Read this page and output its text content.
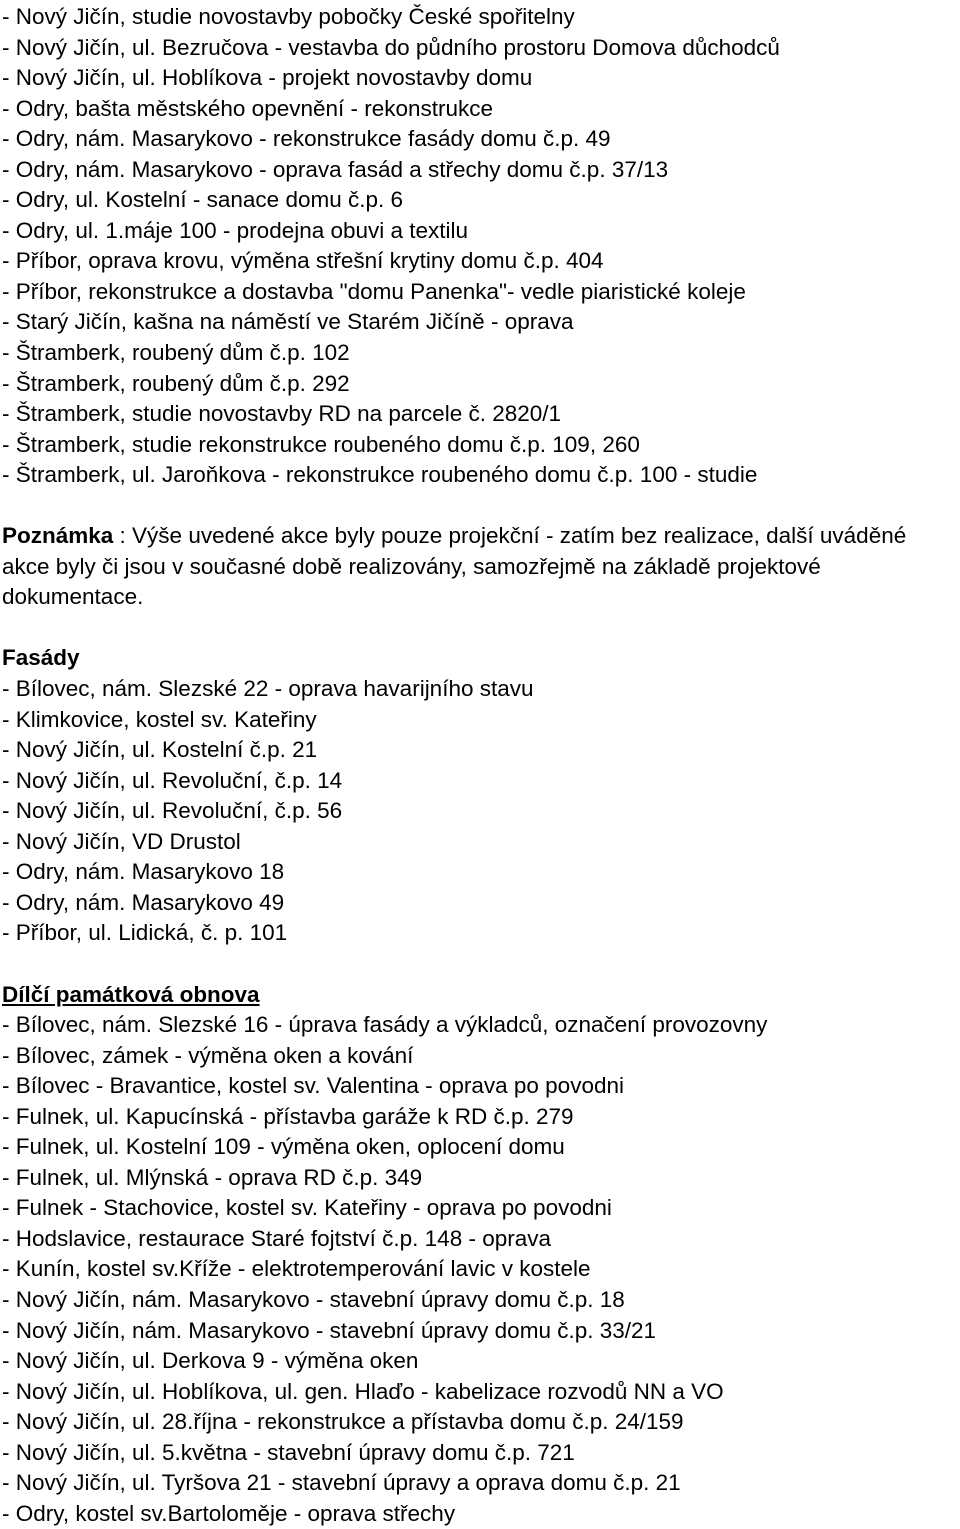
- Nový Jičín, studie novostavby pobočky České spořitelny
- Nový Jičín, ul. Bezručova - vestavba do půdního prostoru Domova důchodců
- Nový Jičín, ul. Hoblíkova - projekt novostavby domu
- Odry, bašta městského opevnění - rekonstrukce
- Odry, nám. Masarykovo - rekonstrukce fasády domu č.p. 49
- Odry, nám. Masarykovo - oprava fasád a střechy domu č.p. 37/13
- Odry, ul. Kostelní - sanace domu č.p. 6
- Odry, ul. 1.máje 100 - prodejna obuvi a textilu
- Příbor, oprava krovu, výměna střešní krytiny domu č.p. 404
- Příbor, rekonstrukce a dostavba "domu Panenka"- vedle piaristické koleje
- Starý Jičín, kašna na náměstí ve Starém Jičíně - oprava
- Štramberk, roubený dům č.p. 102
- Štramberk, roubený dům č.p. 292
- Štramberk, studie novostavby RD na parcele č. 2820/1
- Štramberk, studie rekonstrukce roubeného domu č.p. 109, 260
- Štramberk, ul. Jaroňkova - rekonstrukce roubeného domu č.p. 100 - studie

Poznámka : Výše uvedené akce byly pouze projekční - zatím bez realizace, další uváděné akce byly či jsou v současné době realizovány, samozřejmě na základě projektové dokumentace.

Fasády
- Bílovec, nám. Slezské 22 - oprava havarijního stavu
- Klimkovice, kostel sv. Kateřiny
- Nový Jičín, ul. Kostelní č.p. 21
- Nový Jičín, ul. Revoluční, č.p. 14
- Nový Jičín, ul. Revoluční, č.p. 56
- Nový Jičín, VD Drustol
- Odry, nám. Masarykovo 18
- Odry, nám. Masarykovo 49
- Příbor, ul. Lidická, č. p. 101
Dílčí památková obnova
- Bílovec, nám. Slezské 16 - úprava fasády a výkladců, označení provozovny
- Bílovec, zámek - výměna oken a kování
- Bílovec - Bravantice, kostel sv. Valentina - oprava po povodni
- Fulnek, ul. Kapucínská - přístavba garáže k RD č.p. 279
- Fulnek, ul. Kostelní 109 - výměna oken, oplocení domu
- Fulnek, ul. Mlýnská - oprava RD č.p. 349
- Fulnek - Stachovice, kostel sv. Kateřiny - oprava po povodni
- Hodslavice, restaurace Staré fojtství č.p. 148 - oprava
- Kunín, kostel sv.Kříže - elektrotemperování lavic v kostele
- Nový Jičín, nám. Masarykovo - stavební úpravy domu č.p. 18
- Nový Jičín, nám. Masarykovo - stavební úpravy domu č.p. 33/21
- Nový Jičín, ul. Derkova 9 - výměna oken
- Nový Jičín, ul. Hoblíkova, ul. gen. Hlaďo - kabelizace rozvodů NN a VO
- Nový Jičín, ul. 28.října - rekonstrukce a přístavba domu č.p. 24/159
- Nový Jičín, ul. 5.května - stavební úpravy domu č.p. 721
- Nový Jičín, ul. Tyršova 21 - stavební úpravy a oprava domu č.p. 21
- Odry, kostel sv.Bartoloměje - oprava střechy
